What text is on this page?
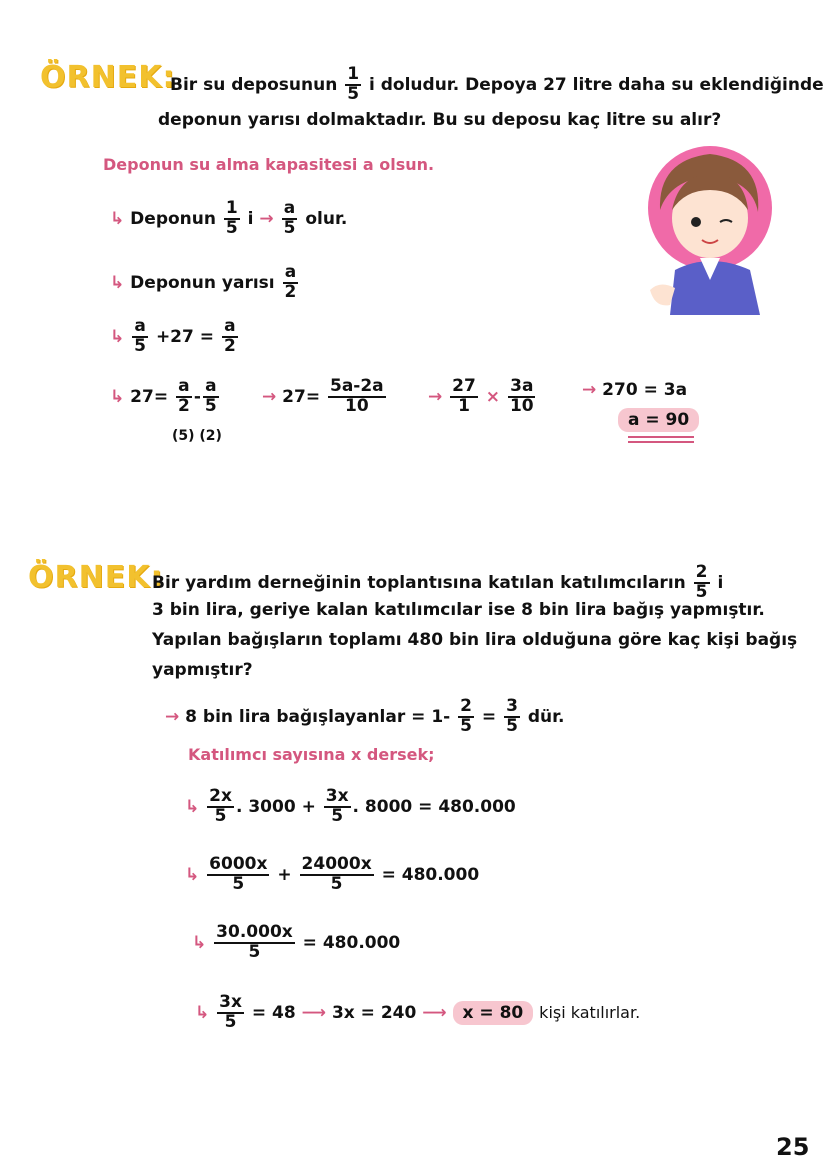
ÖRNEK:
Bir su deposunun $\frac{1}{5}$ i doludur. Depoya 27 litre daha su eklendiğinde
deponun yarısı dolmaktadır. Bu su deposu kaç litre su alır?
Deponun su alma kapasitesi a olsun.
↳ Deponun $\frac{1}{5}$ $i \to \frac{a}{5}$ olur.
↳ Deponun yarısı $\frac{a}{2}$
↳ $\frac{a}{5} +27 = \frac{a}{2}$
↳ $27= \frac{a}{2} - \frac{a}{5}$
(5) (2)
→ $27= \frac{5a-2a}{10} \to \frac{27}{1} \times \frac{3a}{10}$	→ 270 = 3a
a = 90
ÖRNEK:
Bir yardım derneğinin toplantısına katılan katılımcıların $\frac{2}{5}$ i
3 bin lira, geriye kalan katılımcılar ise 8 bin lira bağış yapmıştır.
Yapılan bağışların toplamı 480 bin lira olduğuna göre kaç kişi bağış
yapmıştır?
→ 8 bin lira bağışlayanlar = $1- \frac{2}{5} = \frac{3}{5}$ dür.
Katılımcı sayısına x dersek;
↳ $\frac{2x}{5}$ . $3000 + \frac{3x}{5}$ . 8000 = 480.000
↳ $\frac{6000x}{5} + \frac{24000x}{5} = 480.000$
↳ $\frac{30.000x}{5} = 480.000$
↳ $\frac{3x}{5} = 48$ ⟶ 3x = 240 ⟶ x = 80 kişi katılırlar.
25
